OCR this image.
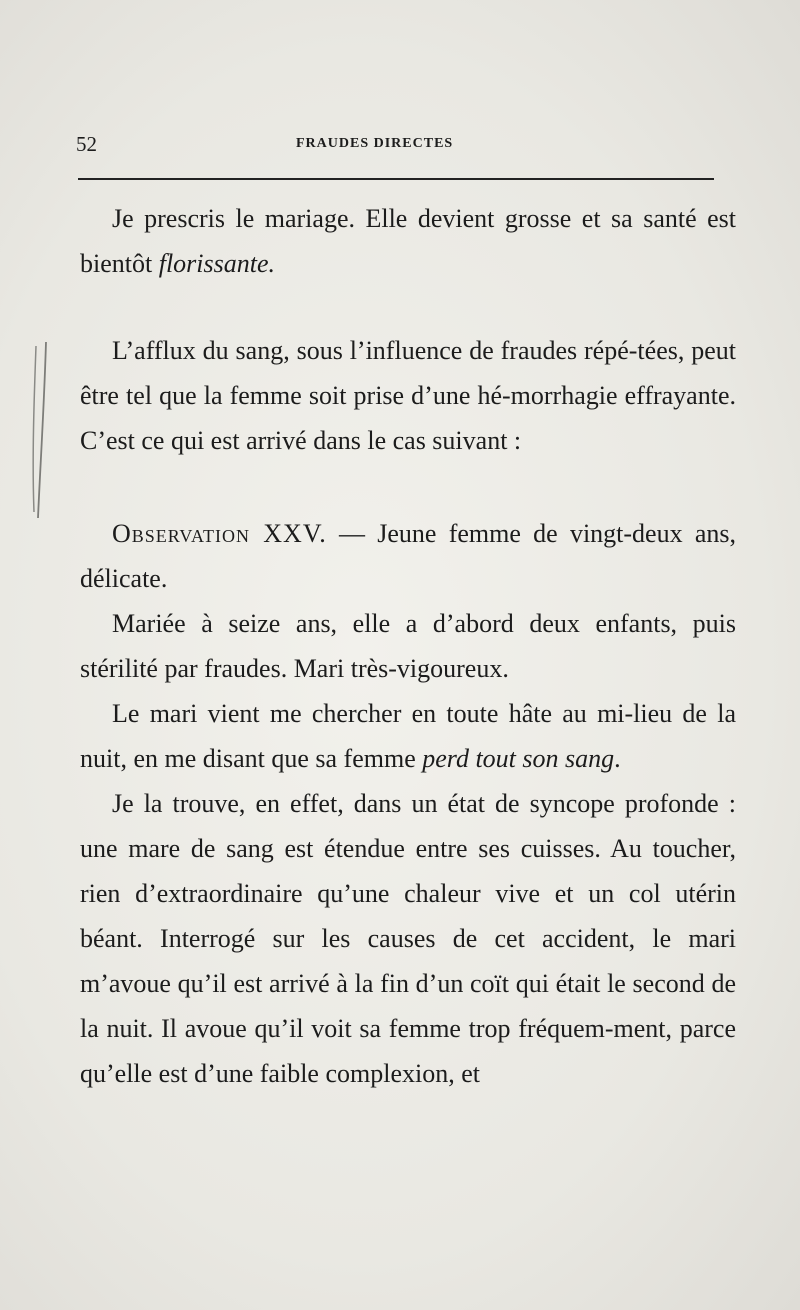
52	FRAUDES DIRECTES

Je prescris le mariage. Elle devient grosse et sa santé est bientôt florissante.

L’afflux du sang, sous l’influence de fraudes répé-tées, peut être tel que la femme soit prise d’une hé-morrhagie effrayante. C’est ce qui est arrivé dans le cas suivant :

Observation XXV. — Jeune femme de vingt-deux ans, délicate.

Mariée à seize ans, elle a d’abord deux enfants, puis stérilité par fraudes. Mari très-vigoureux.

Le mari vient me chercher en toute hâte au mi-lieu de la nuit, en me disant que sa femme perd tout son sang.

Je la trouve, en effet, dans un état de syncope profonde : une mare de sang est étendue entre ses cuisses. Au toucher, rien d’extraordinaire qu’une chaleur vive et un col utérin béant. Interrogé sur les causes de cet accident, le mari m’avoue qu’il est arrivé à la fin d’un coït qui était le second de la nuit. Il avoue qu’il voit sa femme trop fréquem-ment, parce qu’elle est d’une faible complexion, et
